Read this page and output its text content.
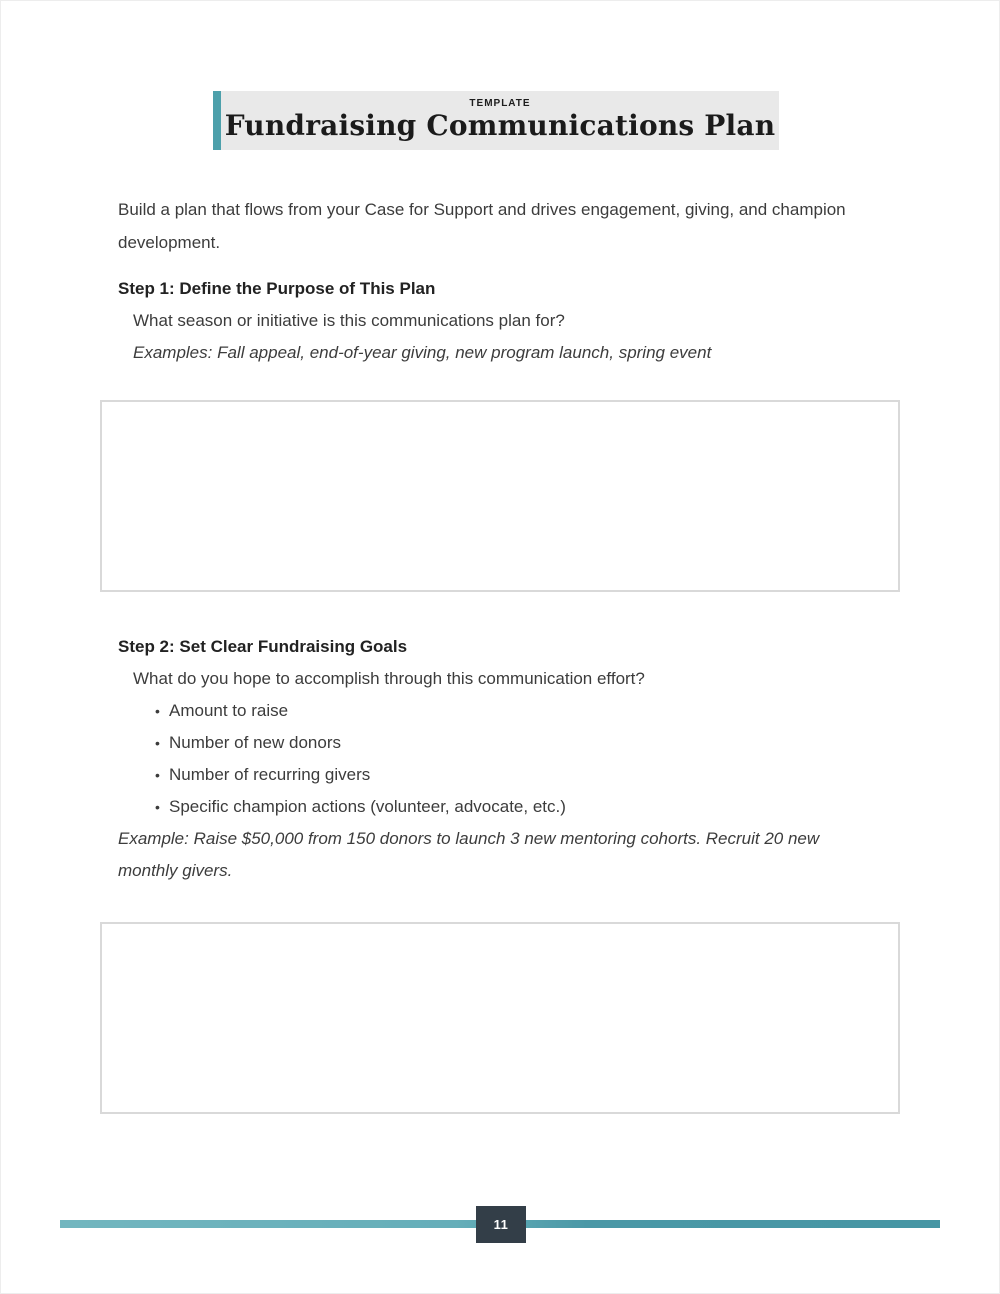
TEMPLATE
Fundraising Communications Plan

Build a plan that flows from your Case for Support and drives engagement, giving, and champion development.

Step 1: Define the Purpose of This Plan
What season or initiative is this communications plan for?
Examples: Fall appeal, end-of-year giving, new program launch, spring event
Step 2: Set Clear Fundraising Goals
What do you hope to accomplish through this communication effort?
• Amount to raise
• Number of new donors
• Number of recurring givers
• Specific champion actions (volunteer, advocate, etc.)
Example: Raise $50,000 from 150 donors to launch 3 new mentoring cohorts. Recruit 20 new monthly givers.
11
